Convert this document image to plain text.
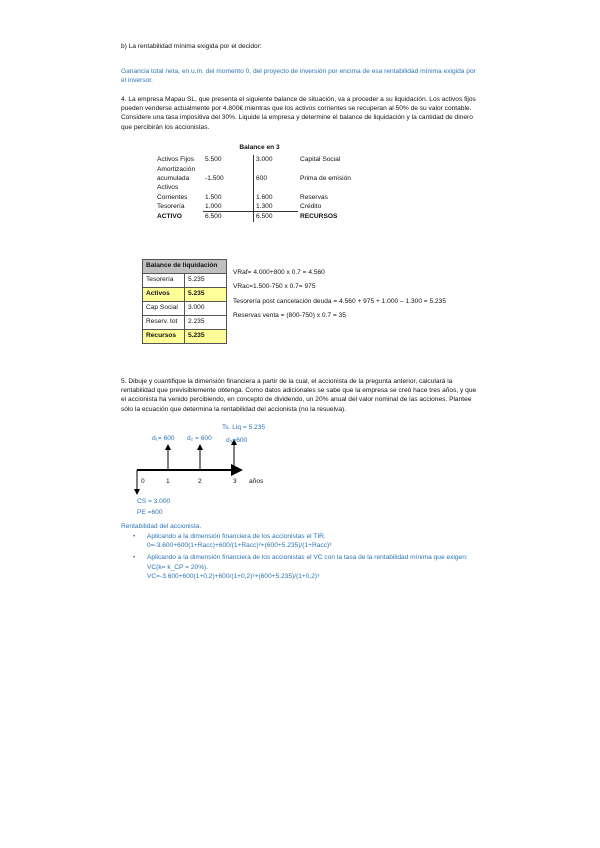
b) La rentabilidad mínima exigida por el decidor:

Ganancia total neta, en u.m. del momento 0, del proyecto de inversión por encima de esa rentabilidad mínima exigida por el inversor.

4. La empresa Mapau SL, que presenta el siguiente balance de situación, va a proceder a su liquidación. Los activos fijos pueden venderse actualmente por 4.800€ mientras que los activos corrientes se recuperan al 50% de su valor contable. Considere una tasa impositiva del 30%. Liquide la empresa y determine el balance de liquidación y la cantidad de dinero que percibirán los accionistas.

Balance en 3
Activos Fijos	5.500	3.000	Capital Social
Amortización			
acumulada	-1.500	600	Prima de emisión
Activos			
Corrientes	1.500	1.600	Reservas
Tesorería	1.000	1.300	Crédito
ACTIVO	6.500	6.500	RECURSOS
Balance de liquidación	
Tesorería	5.235
Activos	5.235
Cap Social	3.000
Reserv. tot	2.235
Recursos	5.235

VRaf= 4.000+800 x 0.7 = 4.560

VRac=1.500-750 x 0.7= 975

Tesorería post cancelación deuda = 4.560 + 975 + 1.000 – 1.300 = 5.235

Reservas venta = (800-750) x 0.7 = 35

5. Dibuje y cuantifique la dimensión financiera a partir de la cual, el accionista de la pregunta anterior, calculará la rentabilidad que previsiblemente obtenga. Como datos adicionales se sabe que la empresa se creó hace tres años, y que el accionista ha venido percibiendo, en concepto de dividendo, un 20% anual del valor nominal de las acciones. Plantee sólo la ecuación que determina la rentabilidad del accionista (no la resuelva).

Ts. Liq = 5.235
d₁= 600 d₂ = 600 d₃=600
0	1	2	3 años
CS = 3.000
PE =600

Rentabilidad del accionista.

• Aplicando a la dimensión financiera de los accionistas el TIR.
0=-3.600+600(1+Racc)+600/(1+Racc)²+(600+5.235)/(1+Racc)³
• Aplicando a la dimensión financiera de los accionistas el VC con la tasa de la rentabilidad mínima que exigen: VC(k= k_CP = 20%).
VC=-3.600+600(1+0,2)+600/(1+0,2)²+(600+5.235)/(1+0,2)³
